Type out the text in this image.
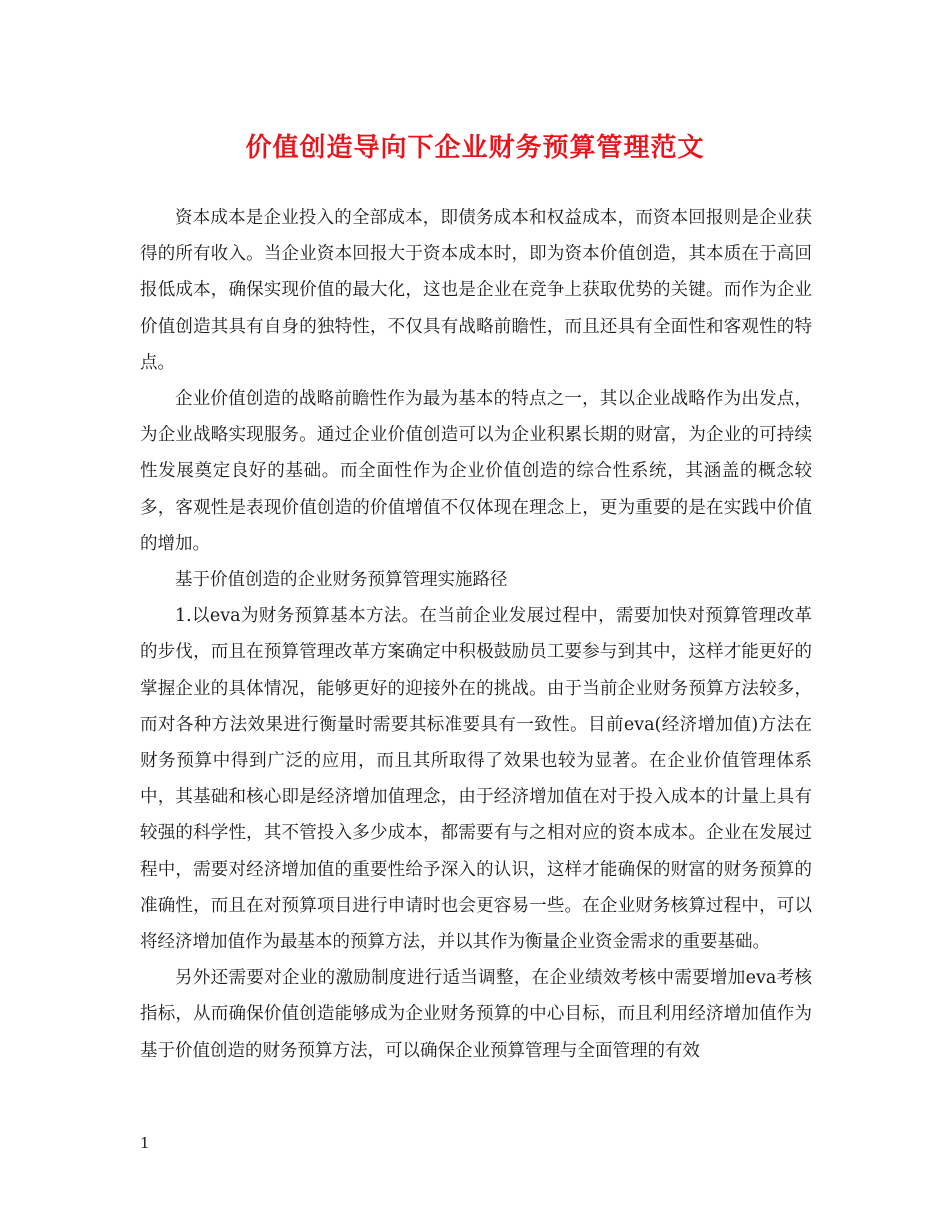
价值创造导向下企业财务预算管理范文

资本成本是企业投入的全部成本，即债务成本和权益成本，而资本回报则是企业获得的所有收入。当企业资本回报大于资本成本时，即为资本价值创造，其本质在于高回报低成本，确保实现价值的最大化，这也是企业在竞争上获取优势的关键。而作为企业价值创造其具有自身的独特性，不仅具有战略前瞻性，而且还具有全面性和客观性的特点。

企业价值创造的战略前瞻性作为最为基本的特点之一，其以企业战略作为出发点，为企业战略实现服务。通过企业价值创造可以为企业积累长期的财富，为企业的可持续性发展奠定良好的基础。而全面性作为企业价值创造的综合性系统，其涵盖的概念较多，客观性是表现价值创造的价值增值不仅体现在理念上，更为重要的是在实践中价值的增加。

基于价值创造的企业财务预算管理实施路径

1.以eva为财务预算基本方法。在当前企业发展过程中，需要加快对预算管理改革的步伐，而且在预算管理改革方案确定中积极鼓励员工要参与到其中，这样才能更好的掌握企业的具体情况，能够更好的迎接外在的挑战。由于当前企业财务预算方法较多，而对各种方法效果进行衡量时需要其标准要具有一致性。目前eva(经济增加值)方法在财务预算中得到广泛的应用，而且其所取得了效果也较为显著。在企业价值管理体系中，其基础和核心即是经济增加值理念，由于经济增加值在对于投入成本的计量上具有较强的科学性，其不管投入多少成本，都需要有与之相对应的资本成本。企业在发展过程中，需要对经济增加值的重要性给予深入的认识，这样才能确保的财富的财务预算的准确性，而且在对预算项目进行申请时也会更容易一些。在企业财务核算过程中，可以将经济增加值作为最基本的预算方法，并以其作为衡量企业资金需求的重要基础。

另外还需要对企业的激励制度进行适当调整，在企业绩效考核中需要增加eva考核指标，从而确保价值创造能够成为企业财务预算的中心目标，而且利用经济增加值作为基于价值创造的财务预算方法，可以确保企业预算管理与全面管理的有效

1
